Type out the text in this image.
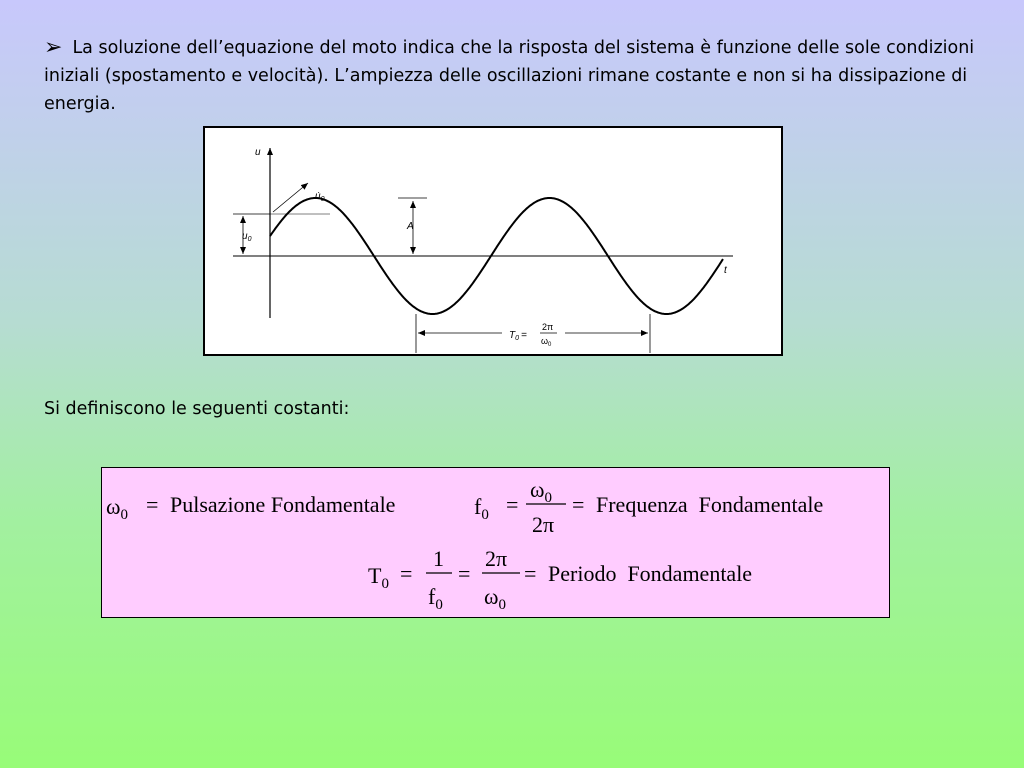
➢ La soluzione dell’equazione del moto indica che la risposta del sistema è funzione delle sole condizioni iniziali (spostamento e velocità). L’ampiezza delle oscillazioni rimane costante e non si ha dissipazione di energia.
u
t
$u_0$
$u̇_0$
A
$T_0$ =
2π
$\omega_0$
Si definiscono le seguenti costanti:
$\omega_0$ = Pulsazione Fondamentale	$f_0$ =
$\omega_0$
2π
= Frequenza  Fondamentale
$T_0$ =
1
$f_0$
=
2π
$\omega_0$
= Periodo  Fondamentale
